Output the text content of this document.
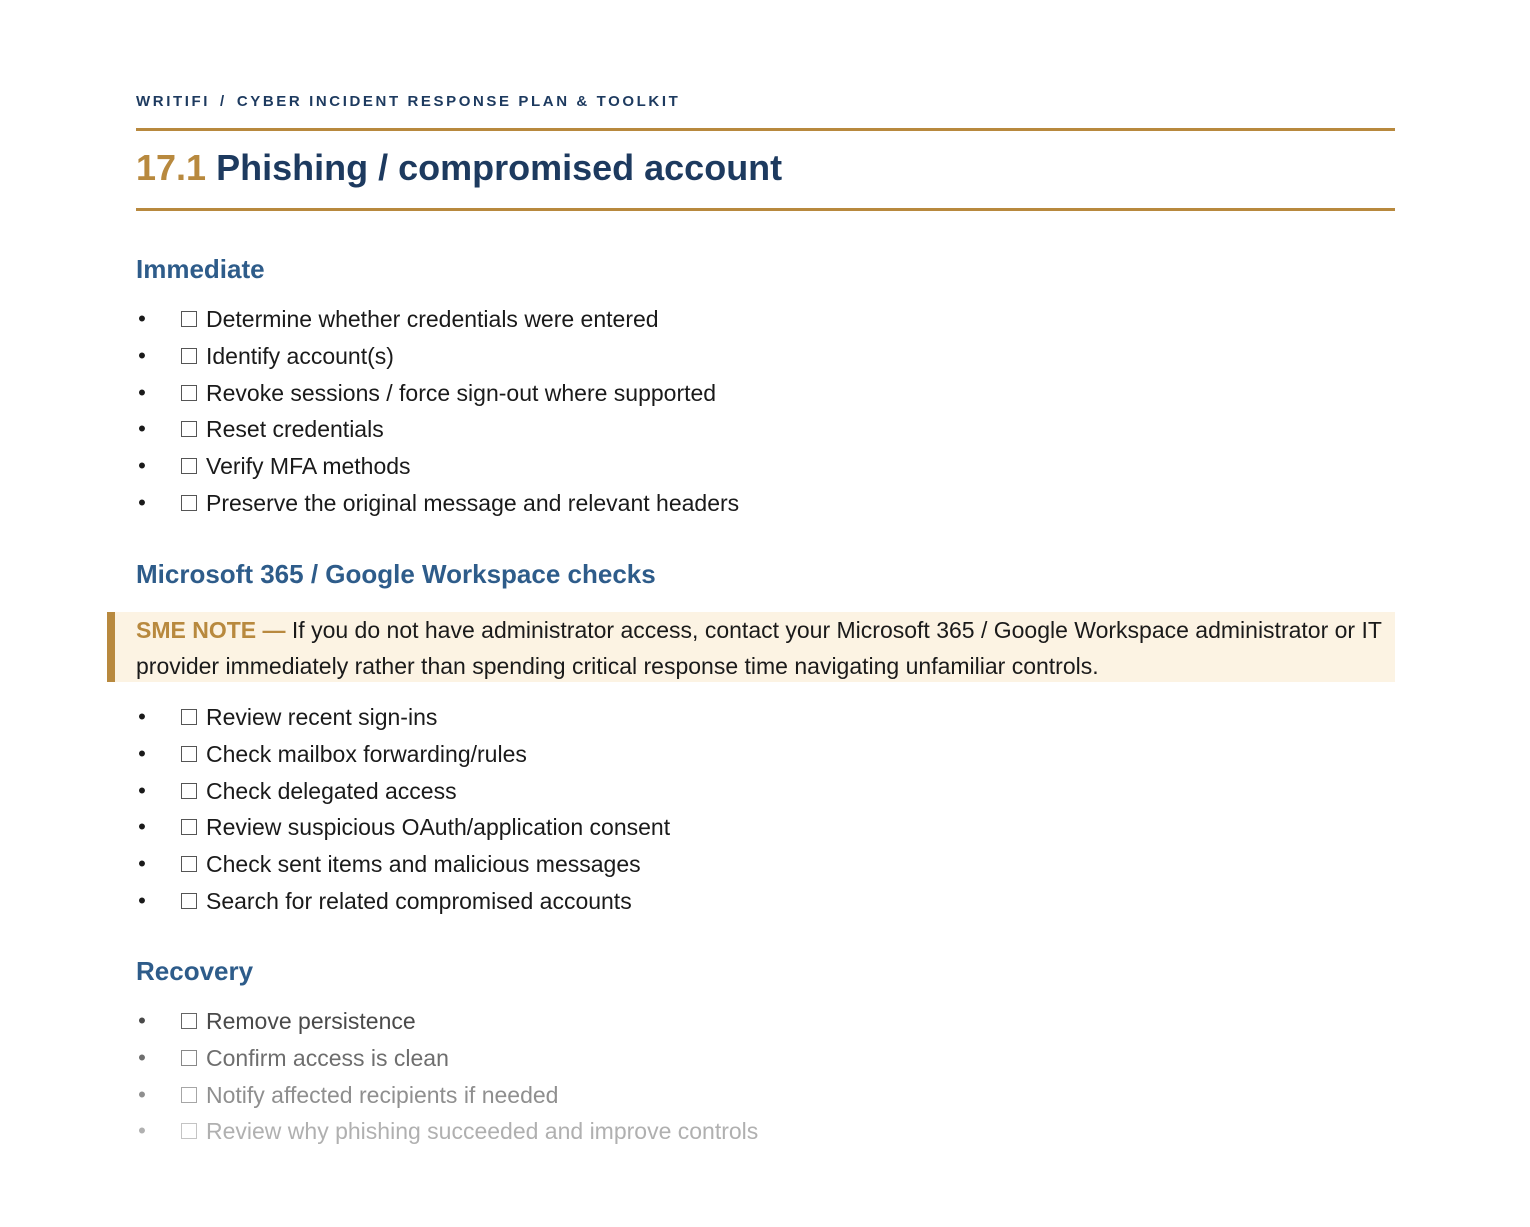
WRITIFI / CYBER INCIDENT RESPONSE PLAN & TOOLKIT
17.1 Phishing / compromised account
Immediate
•	Determine whether credentials were entered
•	Identify account(s)
•	Revoke sessions / force sign-out where supported
•	Reset credentials
•	Verify MFA methods
•	Preserve the original message and relevant headers
Microsoft 365 / Google Workspace checks
SME NOTE — If you do not have administrator access, contact your Microsoft 365 / Google Workspace administrator or IT provider immediately rather than spending critical response time navigating unfamiliar controls.
•	Review recent sign-ins
•	Check mailbox forwarding/rules
•	Check delegated access
•	Review suspicious OAuth/application consent
•	Check sent items and malicious messages
•	Search for related compromised accounts
Recovery
•	Remove persistence
•	Confirm access is clean
•	Notify affected recipients if needed
•	Review why phishing succeeded and improve controls
